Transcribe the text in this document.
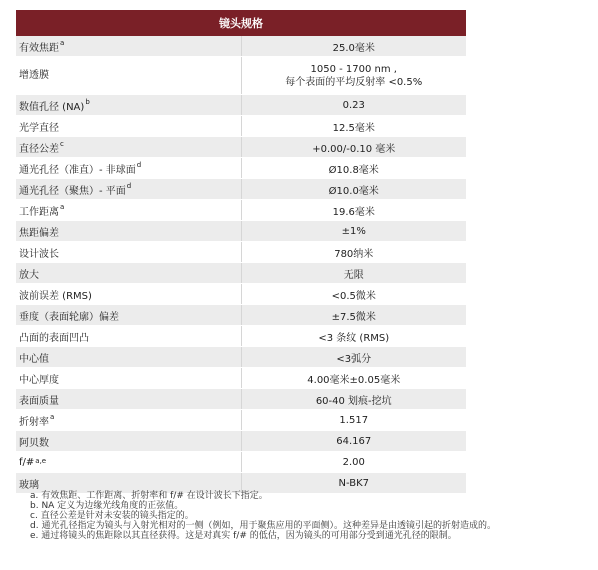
镜头规格	
有效焦距$^a$	25.0毫米

增透膜	1050 - 1700 nm ,
每个表面的平均反射率 <0.5%

数值孔径 (NA)$^b$	0.23

光学直径	12.5毫米

直径公差$^c$	+0.00/-0.10 毫米

通光孔径（准直）- 非球面$^d$	Ø10.8毫米

通光孔径（聚焦）- 平面$^d$	Ø10.0毫米

工作距离$^a$	19.6毫米

焦距偏差	±1%

设计波长	780纳米

放大	无限

波前误差 (RMS)	<0.5微米

垂度（表面轮廓）偏差	±7.5微米

凸面的表面凹凸	<3 条纹 (RMS)

中心值	<3弧分

中心厚度	4.00毫米±0.05毫米

表面质量	60-40 划痕-挖坑

折射率$^a$	1.517

阿贝数	64.167

f/#$^{a,e}$	2.00

玻璃	N-BK7
a. 有效焦距、工作距离、折射率和 f/# 在设计波长下指定。
b. NA 定义为边缘光线角度的正弦值。
c. 直径公差是针对未安装的镜头指定的。
d. 通光孔径指定为镜头与入射光相对的一侧（例如，用于聚焦应用的平面侧）。这种差异是由透镜引起的折射造成的。
e. 通过将镜头的焦距除以其直径获得。这是对真实 f/# 的低估，因为镜头的可用部分受到通光孔径的限制。
